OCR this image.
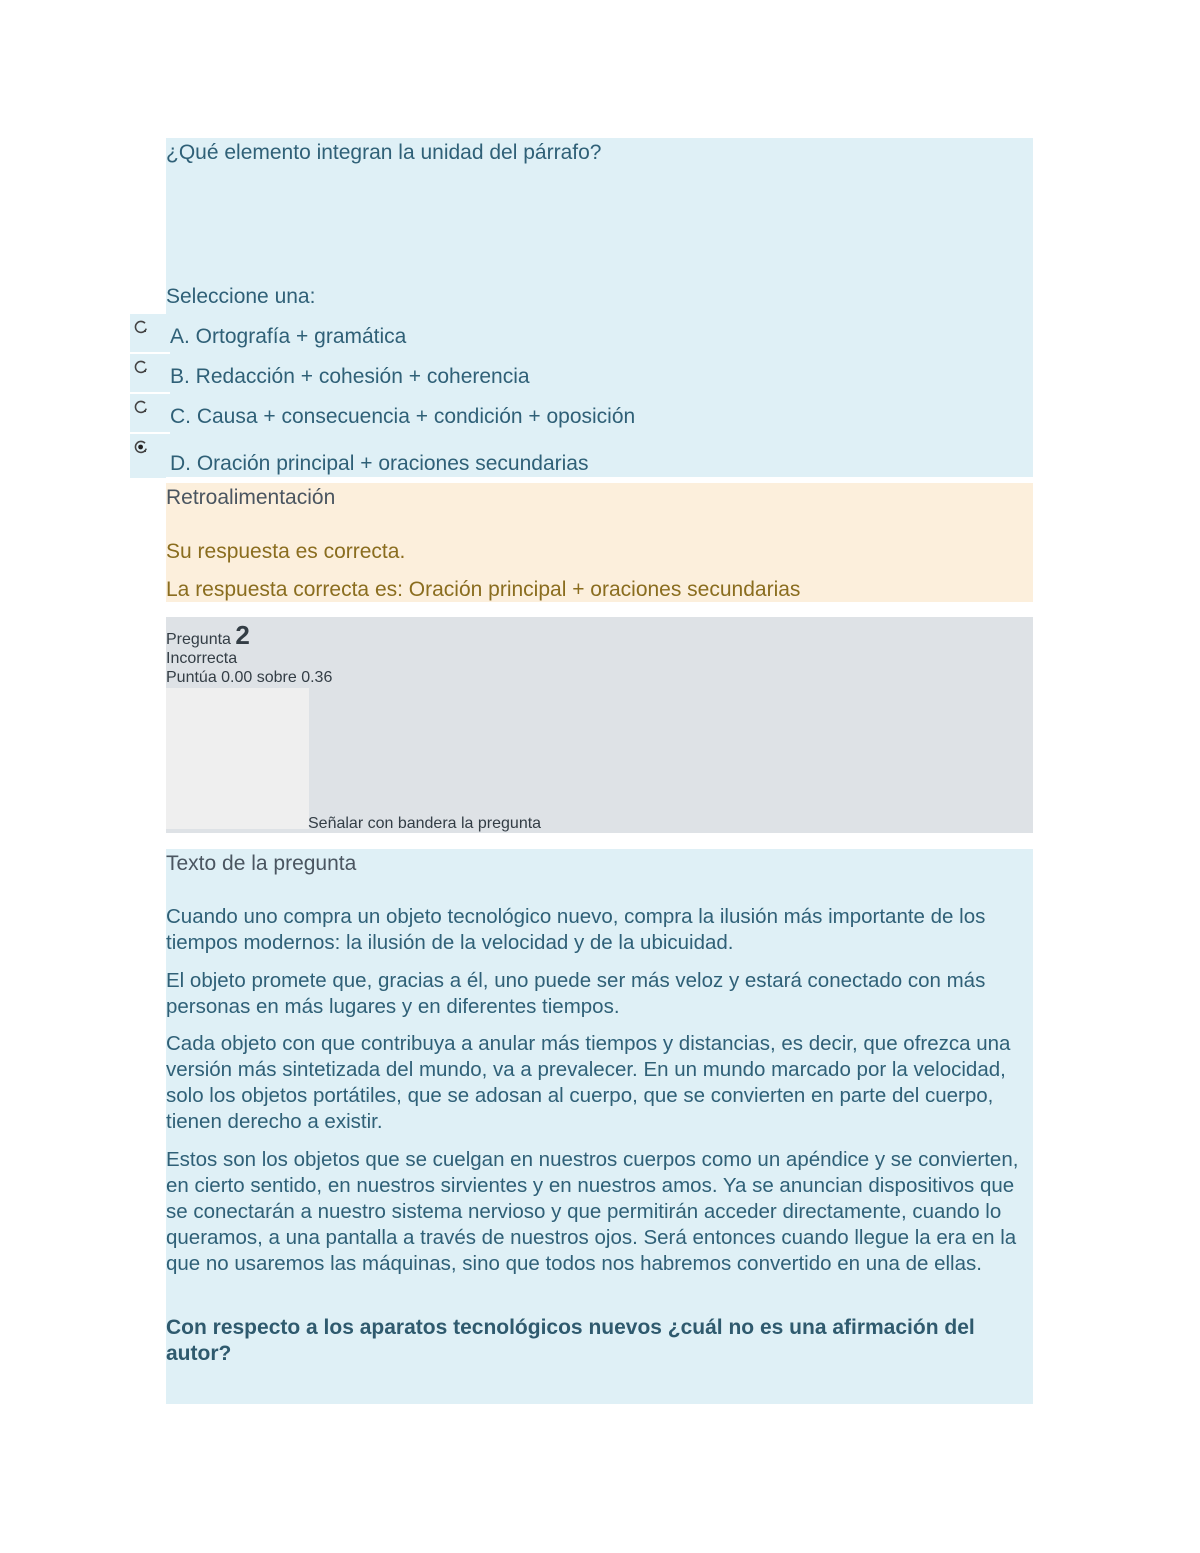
¿Qué elemento integran la unidad del párrafo?
Seleccione una:
A. Ortografía + gramática
B. Redacción + cohesión + coherencia
C. Causa + consecuencia + condición + oposición
D. Oración principal + oraciones secundarias
Retroalimentación
Su respuesta es correcta.
La respuesta correcta es: Oración principal + oraciones secundarias
Pregunta 2
Incorrecta
Puntúa 0.00 sobre 0.36
Señalar con bandera la pregunta
Texto de la pregunta
Cuando uno compra un objeto tecnológico nuevo, compra la ilusión más importante de los tiempos modernos: la ilusión de la velocidad y de la ubicuidad.
El objeto promete que, gracias a él, uno puede ser más veloz y estará conectado con más personas en más lugares y en diferentes tiempos.
Cada objeto con que contribuya a anular más tiempos y distancias, es decir, que ofrezca una versión más sintetizada del mundo, va a prevalecer. En un mundo marcado por la velocidad, solo los objetos portátiles, que se adosan al cuerpo, que se convierten en parte del cuerpo, tienen derecho a existir.
Estos son los objetos que se cuelgan en nuestros cuerpos como un apéndice y se convierten, en cierto sentido, en nuestros sirvientes y en nuestros amos. Ya se anuncian dispositivos que se conectarán a nuestro sistema nervioso y que permitirán acceder directamente, cuando lo queramos, a una pantalla a través de nuestros ojos. Será entonces cuando llegue la era en la que no usaremos las máquinas, sino que todos nos habremos convertido en una de ellas.
Con respecto a los aparatos tecnológicos nuevos ¿cuál no es una afirmación del autor?
